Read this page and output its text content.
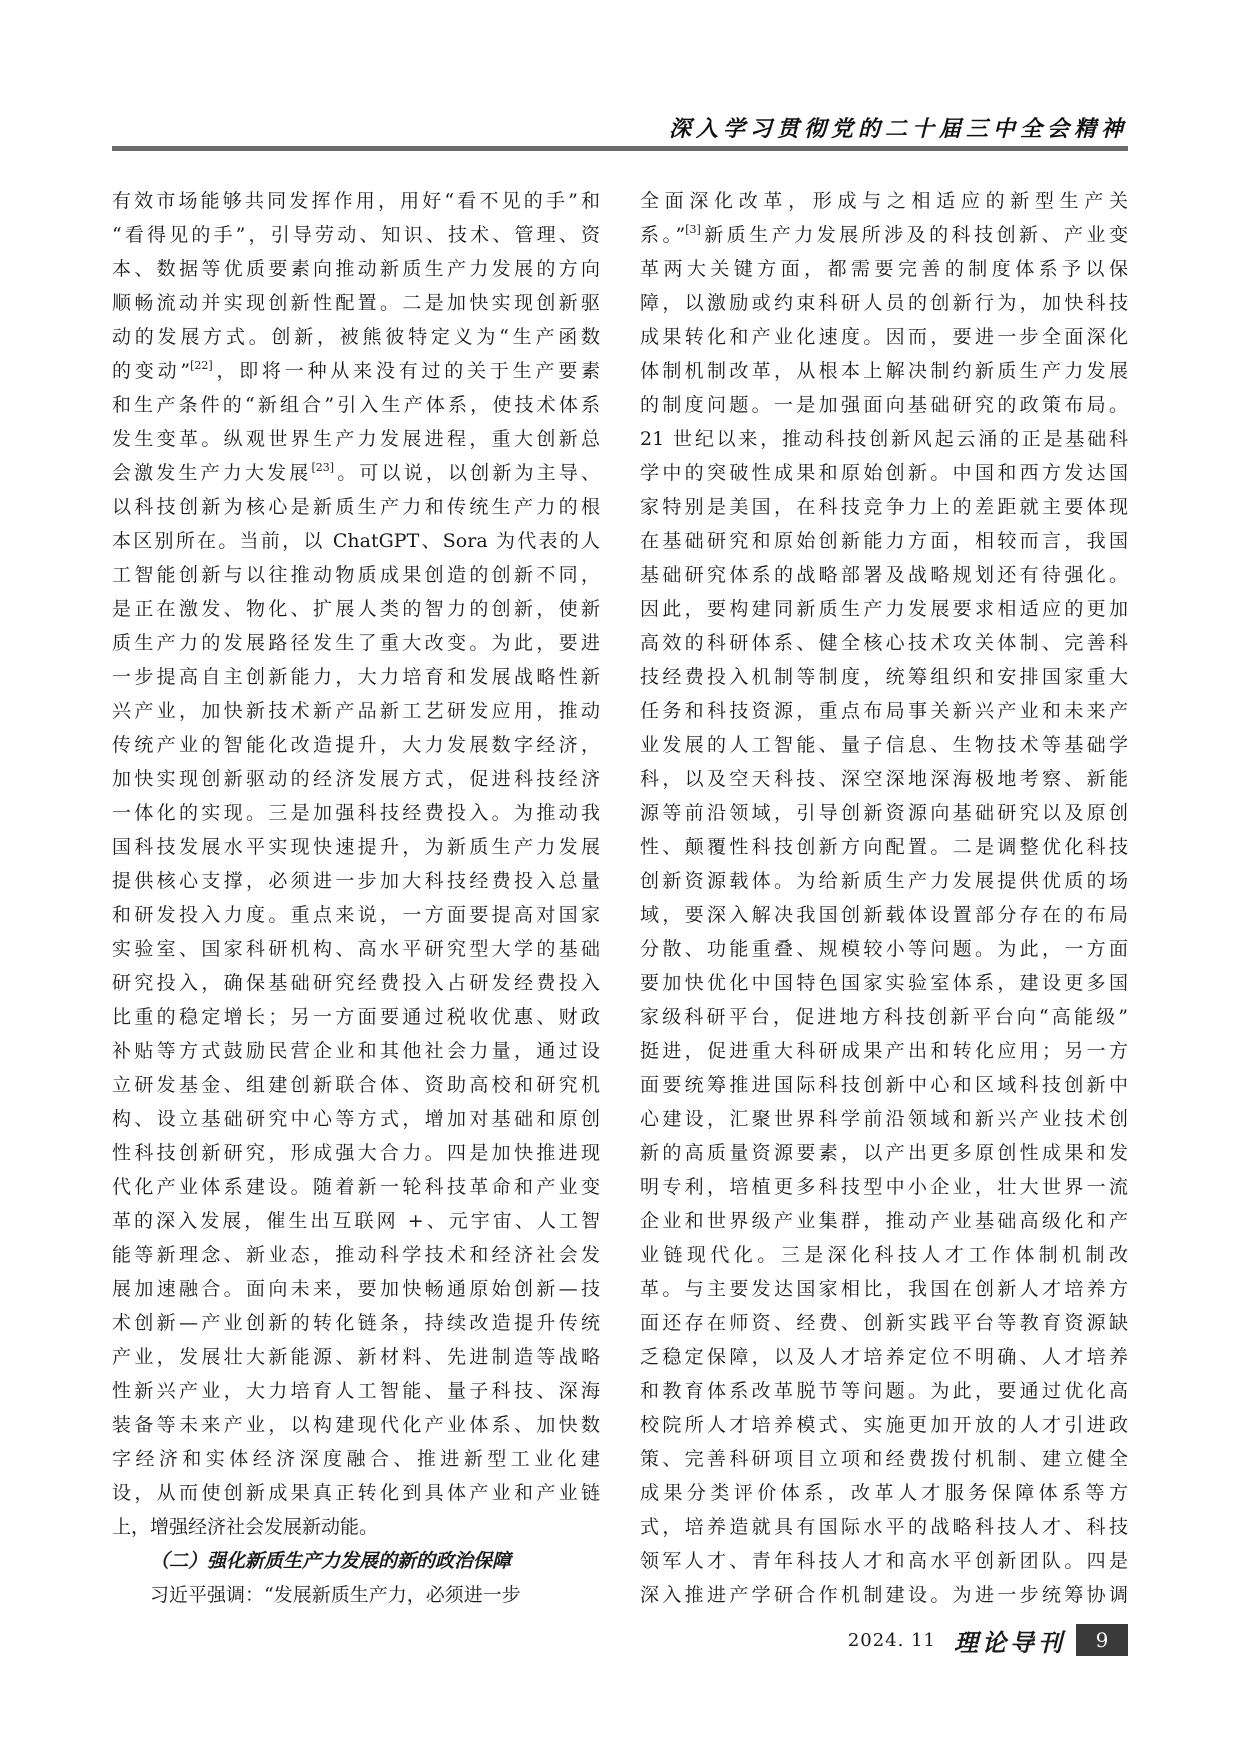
深入学习贯彻党的二十届三中全会精神
有效市场能够共同发挥作用，用好“看不见的手”和
“看得见的手”，引导劳动、知识、技术、管理、资
本、数据等优质要素向推动新质生产力发展的方向
顺畅流动并实现创新性配置。二是加快实现创新驱
动的发展方式。创新，被熊彼特定义为“生产函数
的变动”[22]，即将一种从来没有过的关于生产要素
和生产条件的“新组合”引入生产体系，使技术体系
发生变革。纵观世界生产力发展进程，重大创新总
会激发生产力大发展[23]。可以说，以创新为主导、
以科技创新为核心是新质生产力和传统生产力的根
本区别所在。当前，以 ChatGPT、Sora 为代表的人
工智能创新与以往推动物质成果创造的创新不同，
是正在激发、物化、扩展人类的智力的创新，使新
质生产力的发展路径发生了重大改变。为此，要进
一步提高自主创新能力，大力培育和发展战略性新
兴产业，加快新技术新产品新工艺研发应用，推动
传统产业的智能化改造提升，大力发展数字经济，
加快实现创新驱动的经济发展方式，促进科技经济
一体化的实现。三是加强科技经费投入。为推动我
国科技发展水平实现快速提升，为新质生产力发展
提供核心支撑，必须进一步加大科技经费投入总量
和研发投入力度。重点来说，一方面要提高对国家
实验室、国家科研机构、高水平研究型大学的基础
研究投入，确保基础研究经费投入占研发经费投入
比重的稳定增长；另一方面要通过税收优惠、财政
补贴等方式鼓励民营企业和其他社会力量，通过设
立研发基金、组建创新联合体、资助高校和研究机
构、设立基础研究中心等方式，增加对基础和原创
性科技创新研究，形成强大合力。四是加快推进现
代化产业体系建设。随着新一轮科技革命和产业变
革的深入发展，催生出互联网 +、元宇宙、人工智
能等新理念、新业态，推动科学技术和经济社会发
展加速融合。面向未来，要加快畅通原始创新—技
术创新—产业创新的转化链条，持续改造提升传统
产业，发展壮大新能源、新材料、先进制造等战略
性新兴产业，大力培育人工智能、量子科技、深海
装备等未来产业，以构建现代化产业体系、加快数
字经济和实体经济深度融合、推进新型工业化建
设，从而使创新成果真正转化到具体产业和产业链
上，增强经济社会发展新动能。
（二）强化新质生产力发展的新的政治保障
习近平强调：“发展新质生产力，必须进一步
全面深化改革，形成与之相适应的新型生产关
系。”[3]新质生产力发展所涉及的科技创新、产业变
革两大关键方面，都需要完善的制度体系予以保
障，以激励或约束科研人员的创新行为，加快科技
成果转化和产业化速度。因而，要进一步全面深化
体制机制改革，从根本上解决制约新质生产力发展
的制度问题。一是加强面向基础研究的政策布局。
21 世纪以来，推动科技创新风起云涌的正是基础科
学中的突破性成果和原始创新。中国和西方发达国
家特别是美国，在科技竞争力上的差距就主要体现
在基础研究和原始创新能力方面，相较而言，我国
基础研究体系的战略部署及战略规划还有待强化。
因此，要构建同新质生产力发展要求相适应的更加
高效的科研体系、健全核心技术攻关体制、完善科
技经费投入机制等制度，统筹组织和安排国家重大
任务和科技资源，重点布局事关新兴产业和未来产
业发展的人工智能、量子信息、生物技术等基础学
科，以及空天科技、深空深地深海极地考察、新能
源等前沿领域，引导创新资源向基础研究以及原创
性、颠覆性科技创新方向配置。二是调整优化科技
创新资源载体。为给新质生产力发展提供优质的场
域，要深入解决我国创新载体设置部分存在的布局
分散、功能重叠、规模较小等问题。为此，一方面
要加快优化中国特色国家实验室体系，建设更多国
家级科研平台，促进地方科技创新平台向“高能级”
挺进，促进重大科研成果产出和转化应用；另一方
面要统筹推进国际科技创新中心和区域科技创新中
心建设，汇聚世界科学前沿领域和新兴产业技术创
新的高质量资源要素，以产出更多原创性成果和发
明专利，培植更多科技型中小企业，壮大世界一流
企业和世界级产业集群，推动产业基础高级化和产
业链现代化。三是深化科技人才工作体制机制改
革。与主要发达国家相比，我国在创新人才培养方
面还存在师资、经费、创新实践平台等教育资源缺
乏稳定保障，以及人才培养定位不明确、人才培养
和教育体系改革脱节等问题。为此，要通过优化高
校院所人才培养模式、实施更加开放的人才引进政
策、完善科研项目立项和经费拨付机制、建立健全
成果分类评价体系，改革人才服务保障体系等方
式，培养造就具有国际水平的战略科技人才、科技
领军人才、青年科技人才和高水平创新团队。四是
深入推进产学研合作机制建设。为进一步统筹协调
2024. 11 理论导刊	9
